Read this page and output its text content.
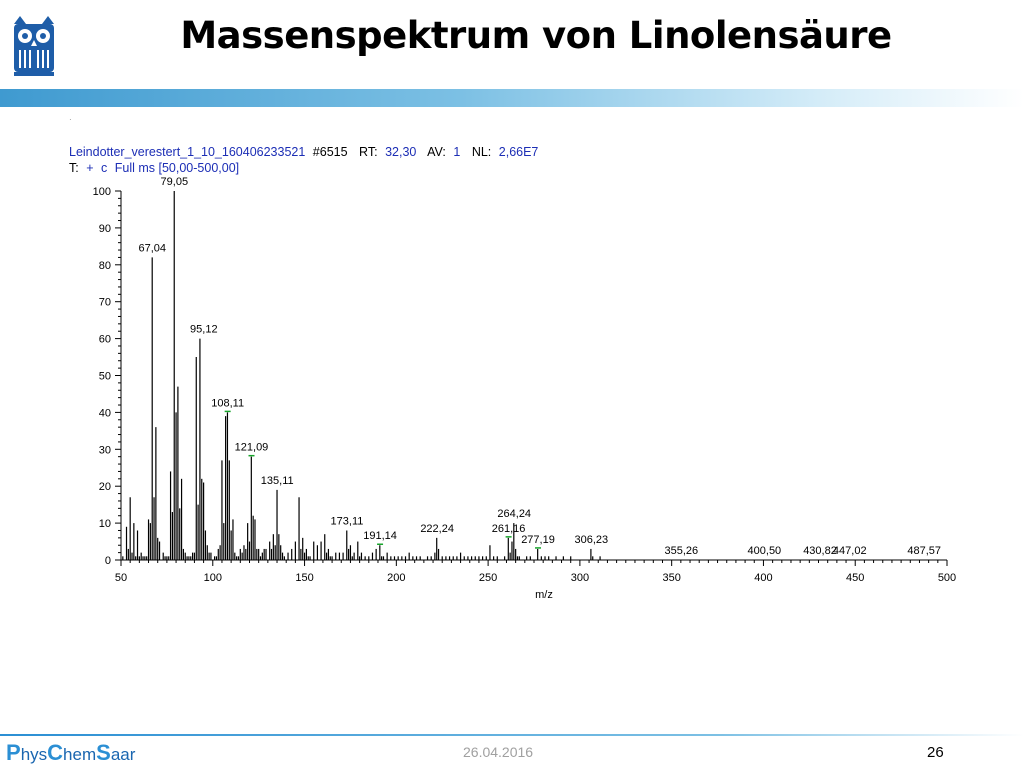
Massenspektrum von Linolensäure
·
Leindotter_verestert_1_10_160406233521 #6515 RT: 32,30 AV: 1 NL: 2,66E7
T: + c Full ms [50,00-500,00]
50	100	150	200	250	300	350	400	450	500
0
10
20
30
40
50
60
70
80
90
100
79,05
67,04
95,12
108,11
121,09
135,11
173,11
191,14
222,24	261,16
264,24
277,19 306,23
355,26	400,50 430,82
447,02	487,57
m/z
PhysChemSaar	26.04.2016	26
